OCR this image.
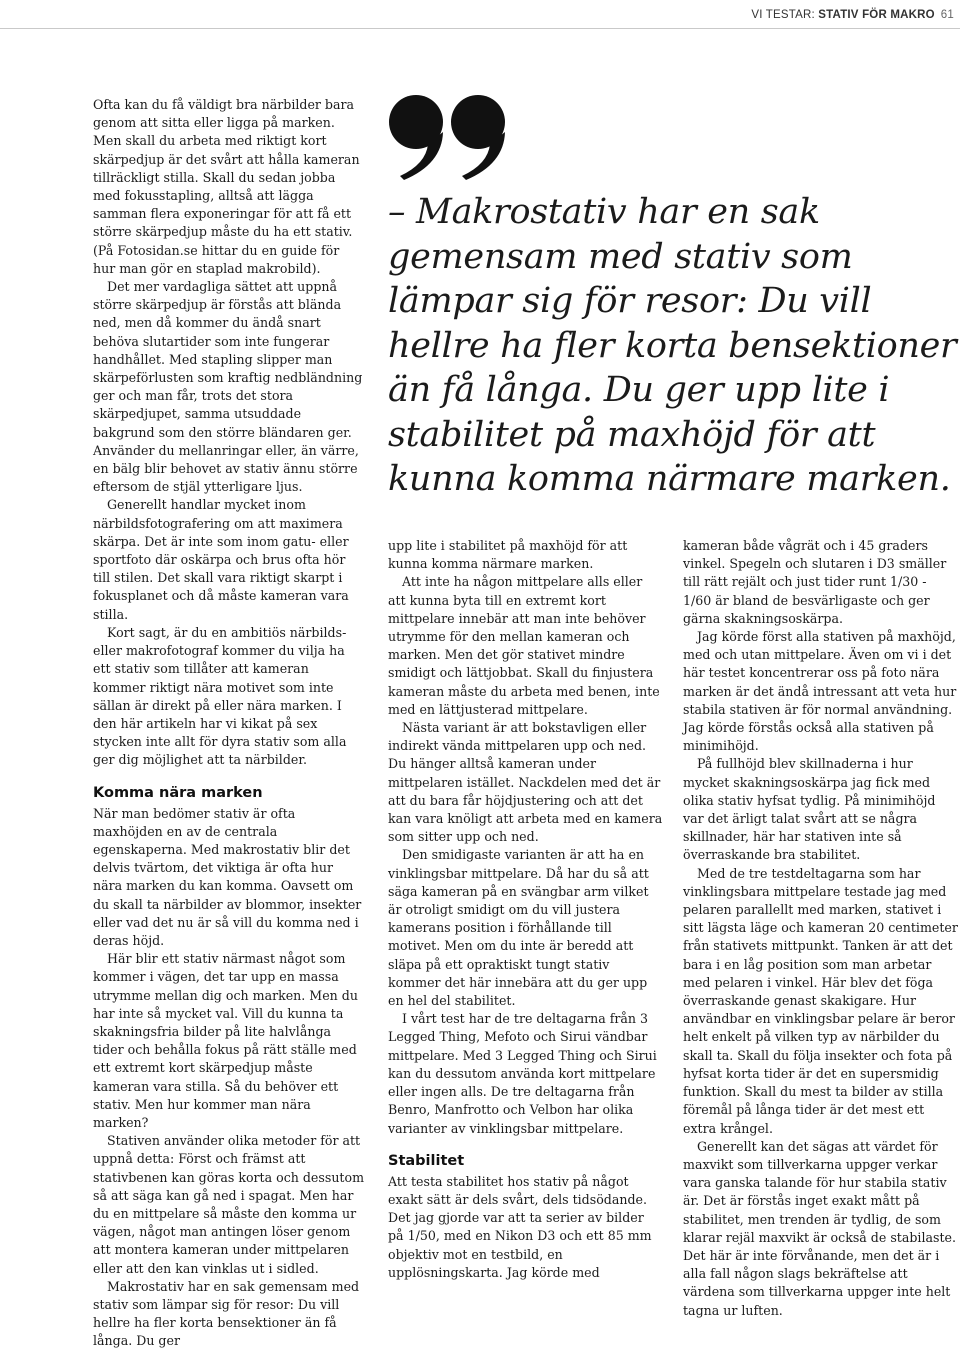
VI TESTAR: STATIV FÖR MAKRO 61

Ofta kan du få väldigt bra närbilder bara genom att sitta eller ligga på marken. Men skall du arbeta med riktigt kort skärpedjup är det svårt att hålla kameran tillräckligt stilla. Skall du sedan jobba med fokusstapling, alltså att lägga samman flera exponeringar för att få ett större skärpedjup måste du ha ett stativ. (På Fotosidan.se hittar du en guide för hur man gör en staplad makrobild).

Det mer vardagliga sättet att uppnå större skärpedjup är förstås att blända ned, men då kommer du ändå snart behöva slutartider som inte fungerar handhållet. Med stapling slipper man skärpeförlusten som kraftig nedbländning ger och man får, trots det stora skärpedjupet, samma utsuddade bakgrund som den större bländaren ger. Använder du mellanringar eller, än värre, en bälg blir behovet av stativ ännu större eftersom de stjäl ytterligare ljus.

Generellt handlar mycket inom närbildsfotografering om att maximera skärpa. Det är inte som inom gatu- eller sportfoto där oskärpa och brus ofta hör till stilen. Det skall vara riktigt skarpt i fokusplanet och då måste kameran vara stilla.

Kort sagt, är du en ambitiös närbilds- eller makrofotograf kommer du vilja ha ett stativ som tillåter att kameran kommer riktigt nära motivet som inte sällan är direkt på eller nära marken. I den här artikeln har vi kikat på sex stycken inte allt för dyra stativ som alla ger dig möjlighet att ta närbilder.

Komma nära marken

När man bedömer stativ är ofta maxhöjden en av de centrala egenskaperna. Med makrostativ blir det delvis tvärtom, det viktiga är ofta hur nära marken du kan komma. Oavsett om du skall ta närbilder av blommor, insekter eller vad det nu är så vill du komma ned i deras höjd.

Här blir ett stativ närmast något som kommer i vägen, det tar upp en massa utrymme mellan dig och marken. Men du har inte så mycket val. Vill du kunna ta skakningsfria bilder på lite halvlånga tider och behålla fokus på rätt ställe med ett extremt kort skärpedjup måste kameran vara stilla. Så du behöver ett stativ. Men hur kommer man nära marken?

Stativen använder olika metoder för att uppnå detta: Först och främst att stativbenen kan göras korta och dessutom så att säga kan gå ned i spagat. Men har du en mittpelare så måste den komma ur vägen, något man antingen löser genom att montera kameran under mittpelaren eller att den kan vinklas ut i sidled.

Makrostativ har en sak gemensam med stativ som lämpar sig för resor: Du vill hellre ha fler korta bensektioner än få långa. Du ger

– Makrostativ har en sak gemensam med stativ som lämpar sig för resor: Du vill hellre ha fler korta bensektioner än få långa. Du ger upp lite i stabilitet på maxhöjd för att kunna komma närmare marken.

upp lite i stabilitet på maxhöjd för att kunna komma närmare marken.

Att inte ha någon mittpelare alls eller att kunna byta till en extremt kort mittpelare innebär att man inte behöver utrymme för den mellan kameran och marken. Men det gör stativet mindre smidigt och lättjobbat. Skall du finjustera kameran måste du arbeta med benen, inte med en lättjusterad mittpelare.

Nästa variant är att bokstavligen eller indirekt vända mittpelaren upp och ned. Du hänger alltså kameran under mittpelaren istället. Nackdelen med det är att du bara får höjdjustering och att det kan vara knöligt att arbeta med en kamera som sitter upp och ned.

Den smidigaste varianten är att ha en vinklingsbar mittpelare. Då har du så att säga kameran på en svängbar arm vilket är otroligt smidigt om du vill justera kamerans position i förhållande till motivet. Men om du inte är beredd att släpa på ett opraktiskt tungt stativ kommer det här innebära att du ger upp en hel del stabilitet.

I vårt test har de tre deltagarna från 3 Legged Thing, Mefoto och Sirui vändbar mittpelare. Med 3 Legged Thing och Sirui kan du dessutom använda kort mittpelare eller ingen alls. De tre deltagarna från Benro, Manfrotto och Velbon har olika varianter av vinklingsbar mittpelare.

Stabilitet

Att testa stabilitet hos stativ på något exakt sätt är dels svårt, dels tidsödande. Det jag gjorde var att ta serier av bilder på 1/50, med en Nikon D3 och ett 85 mm objektiv mot en testbild, en upplösningskarta. Jag körde med

kameran både vågrät och i 45 graders vinkel. Spegeln och slutaren i D3 smäller till rätt rejält och just tider runt 1/30 - 1/60 är bland de besvärligaste och ger gärna skakningsoskärpa.

Jag körde först alla stativen på maxhöjd, med och utan mittpelare. Även om vi i det här testet koncentrerar oss på foto nära marken är det ändå intressant att veta hur stabila stativen är för normal användning. Jag körde förstås också alla stativen på minimihöjd.

På fullhöjd blev skillnaderna i hur mycket skakningsoskärpa jag fick med olika stativ hyfsat tydlig. På minimihöjd var det ärligt talat svårt att se några skillnader, här har stativen inte så överraskande bra stabilitet.

Med de tre testdeltagarna som har vinklingsbara mittpelare testade jag med pelaren parallellt med marken, stativet i sitt lägsta läge och kameran 20 centimeter från stativets mittpunkt. Tanken är att det bara i en låg position som man arbetar med pelaren i vinkel. Här blev det föga överraskande genast skakigare. Hur användbar en vinklingsbar pelare är beror helt enkelt på vilken typ av närbilder du skall ta. Skall du följa insekter och fota på hyfsat korta tider är det en supersmidig funktion. Skall du mest ta bilder av stilla föremål på långa tider är det mest ett extra krångel.

Generellt kan det sägas att värdet för maxvikt som tillverkarna uppger verkar vara ganska talande för hur stabila stativ är. Det är förstås inget exakt mått på stabilitet, men trenden är tydlig, de som klarar rejäl maxvikt är också de stabilaste. Det här är inte förvånande, men det är i alla fall någon slags bekräftelse att värdena som tillverkarna uppger inte helt tagna ur luften.
